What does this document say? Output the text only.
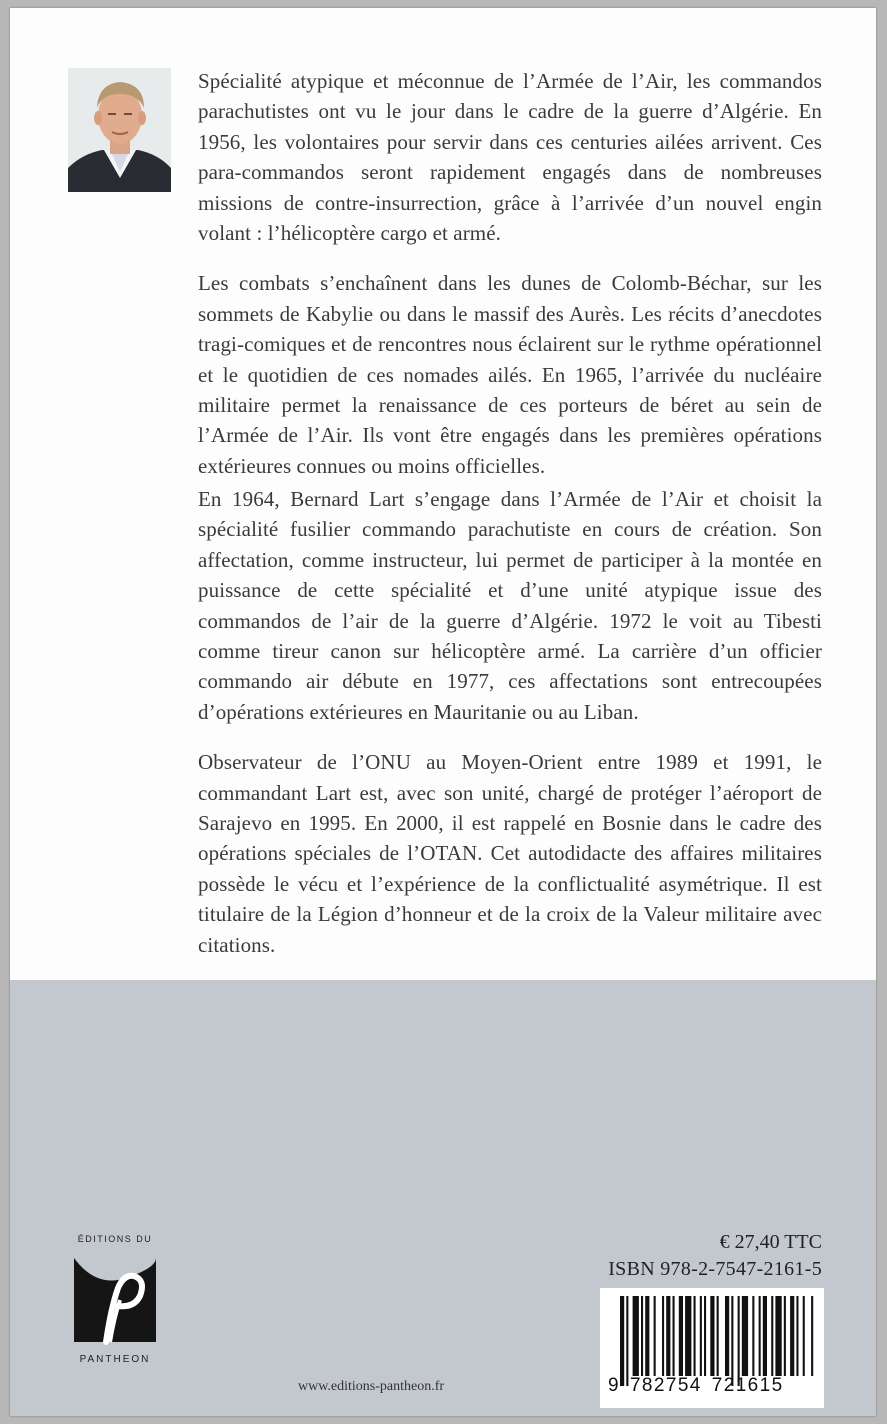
Spécialité atypique et méconnue de l’Armée de l’Air, les commandos parachutistes ont vu le jour dans le cadre de la guerre d’Algérie. En 1956, les volontaires pour servir dans ces centuries ailées arrivent. Ces para-commandos seront rapidement engagés dans de nombreuses missions de contre-insurrection, grâce à l’arrivée d’un nouvel engin volant : l’hélicoptère cargo et armé.

Les combats s’enchaînent dans les dunes de Colomb-Béchar, sur les sommets de Kabylie ou dans le massif des Aurès. Les récits d’anecdotes tragi-comiques et de rencontres nous éclairent sur le rythme opérationnel et le quotidien de ces nomades ailés. En 1965, l’arrivée du nucléaire militaire permet la renaissance de ces porteurs de béret au sein de l’Armée de l’Air. Ils vont être engagés dans les premières opérations extérieures connues ou moins officielles.

En 1964, Bernard Lart s’engage dans l’Armée de l’Air et choisit la spécialité fusilier commando parachutiste en cours de création. Son affectation, comme instructeur, lui permet de participer à la montée en puissance de cette spécialité et d’une unité atypique issue des commandos de l’air de la guerre d’Algérie. 1972 le voit au Tibesti comme tireur canon sur hélicoptère armé. La carrière d’un officier commando air débute en 1977, ces affectations sont entrecoupées d’opérations extérieures en Mauritanie ou au Liban.

Observateur de l’ONU au Moyen-Orient entre 1989 et 1991, le commandant Lart est, avec son unité, chargé de protéger l’aéroport de Sarajevo en 1995. En 2000, il est rappelé en Bosnie dans le cadre des opérations spéciales de l’OTAN. Cet autodidacte des affaires militaires possède le vécu et l’expérience de la conflictualité asymétrique. Il est titulaire de la Légion d’honneur et de la croix de la Valeur militaire avec citations.

ÉDITIONS DU
PANTHEON
www.editions-pantheon.fr
€ 27,40 TTC
ISBN 978-2-7547-2161-5
9 782754 721615
